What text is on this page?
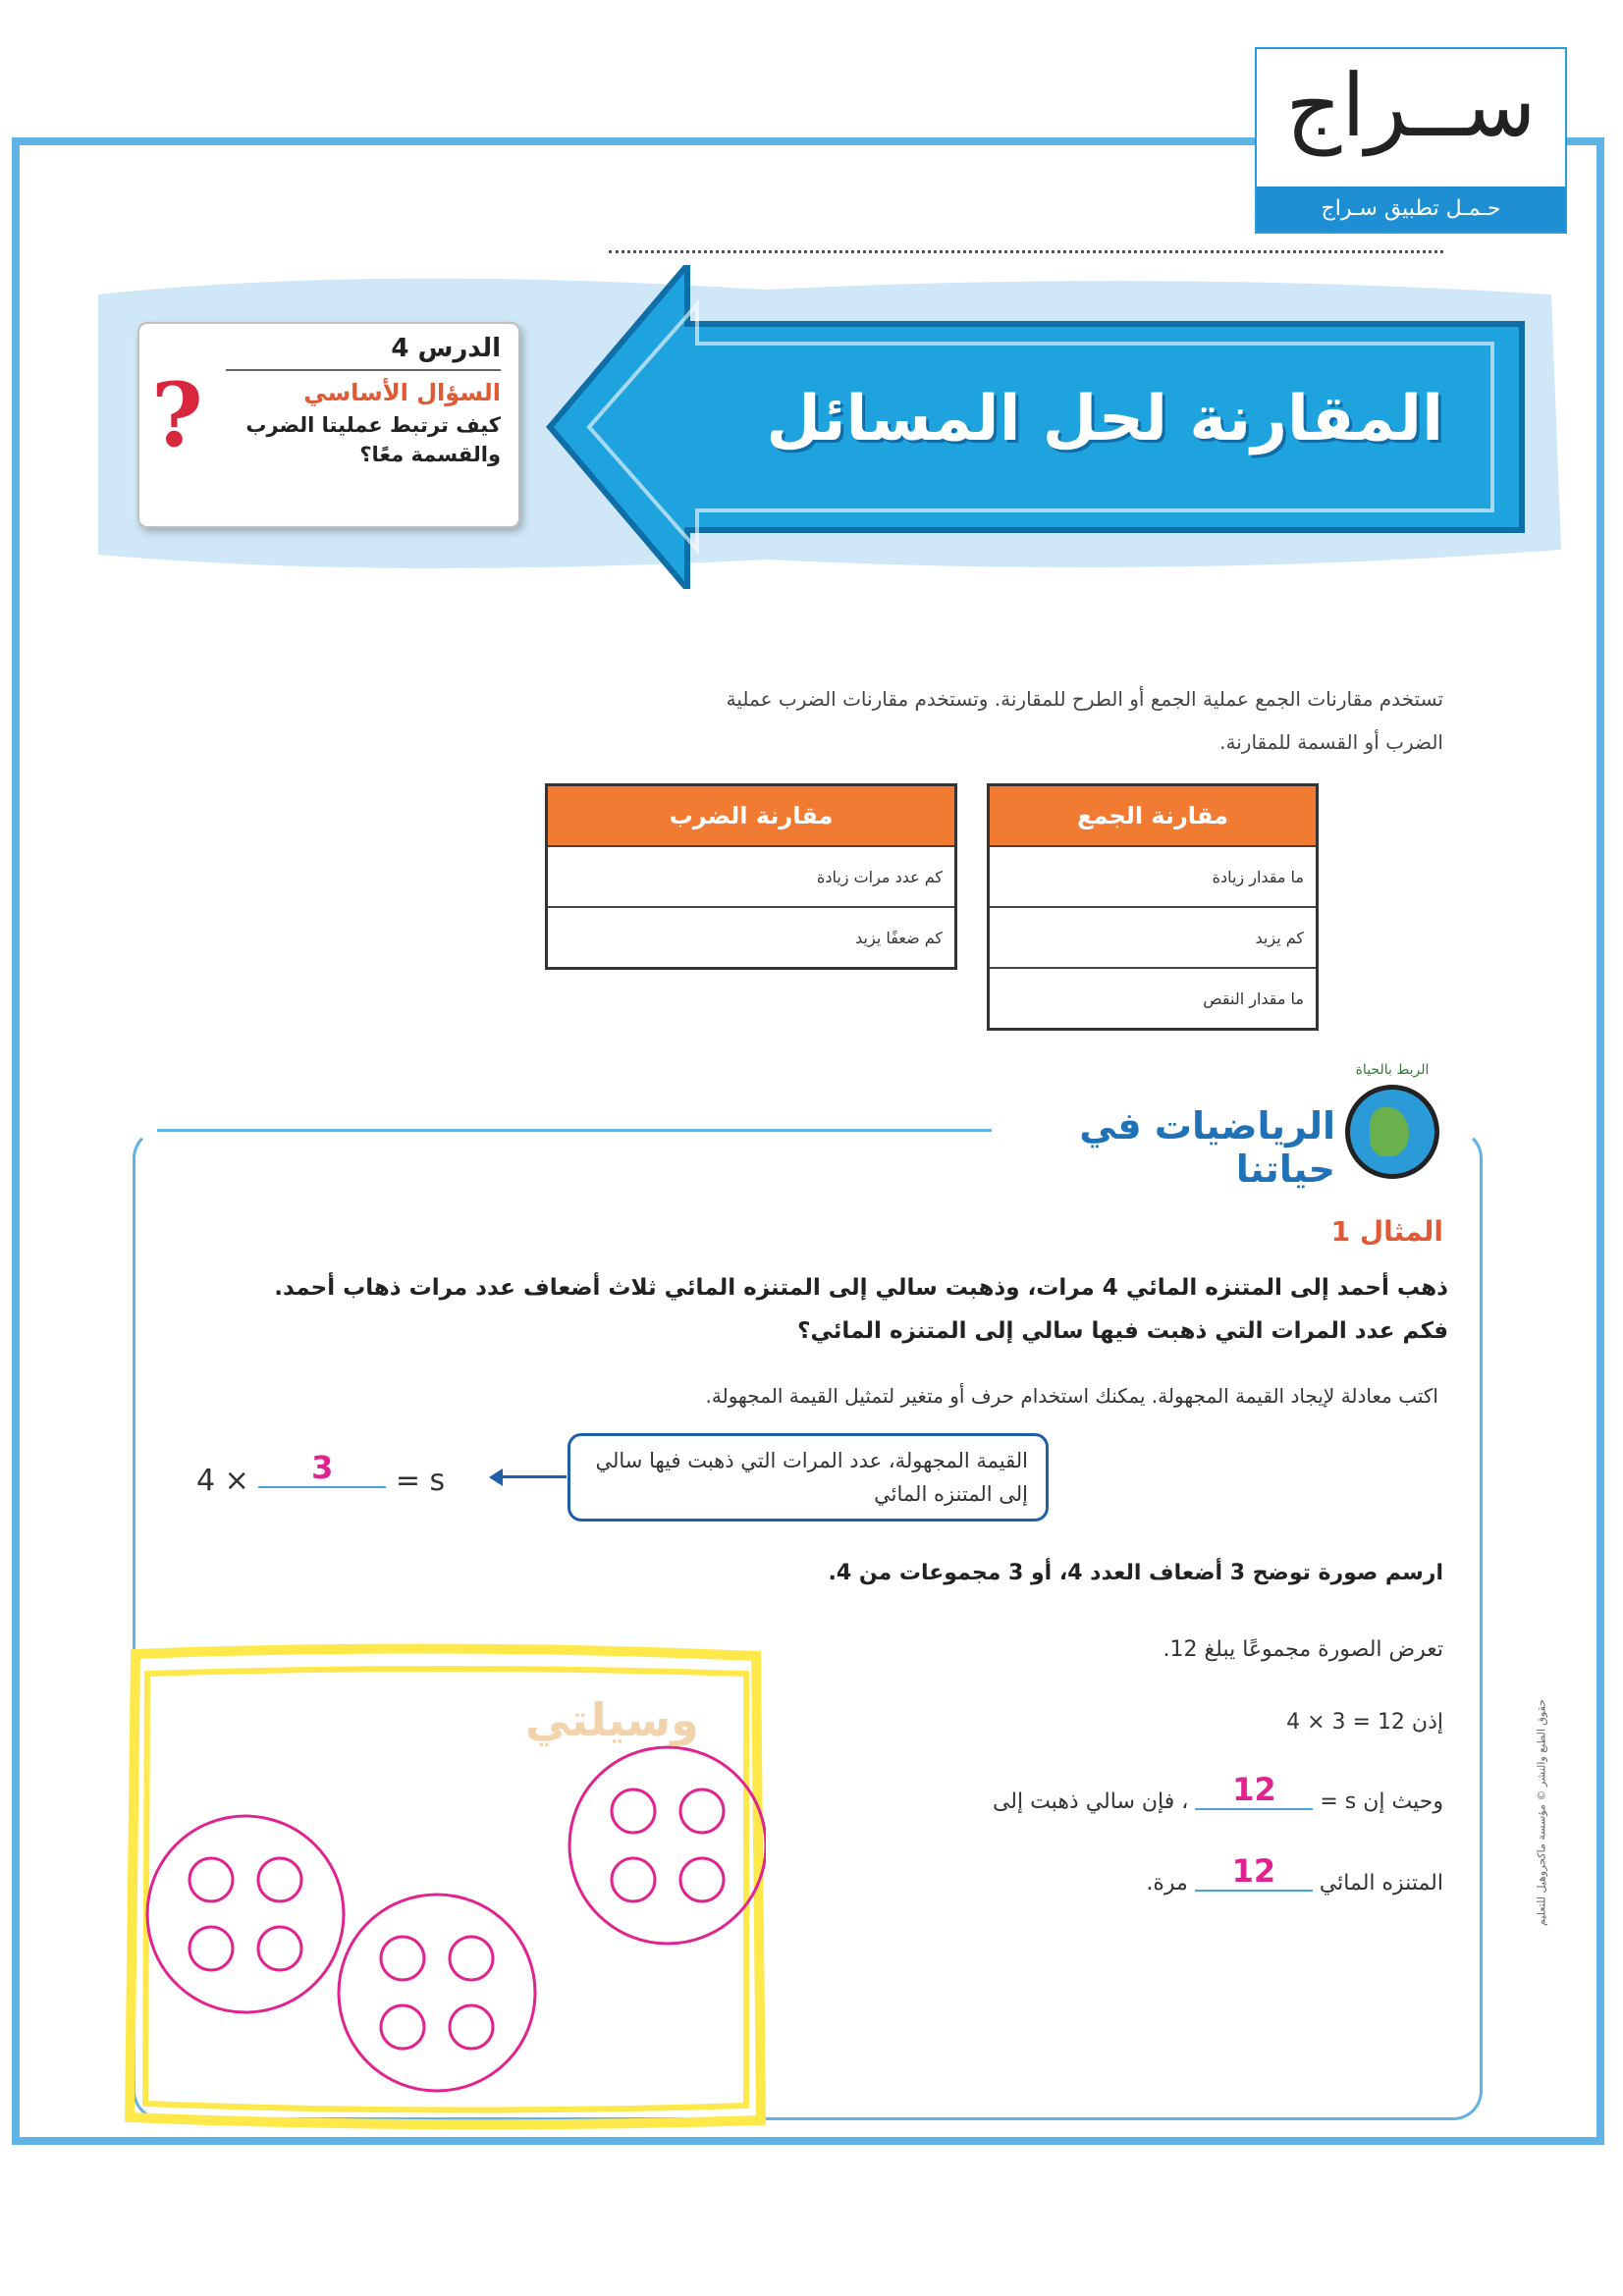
ســراج
حـمـل تطبيق سـراج
المقارنة لحل المسائل
الدرس 4
السؤال الأساسي
كيف ترتبط عمليتا الضرب والقسمة معًا؟
?
تستخدم مقارنات الجمع عملية الجمع أو الطرح للمقارنة. وتستخدم مقارنات الضرب عملية الضرب أو القسمة للمقارنة.
مقارنة الجمع
ما مقدار زيادة
كم يزيد
ما مقدار النقص
مقارنة الضرب
كم عدد مرات زيادة
كم ضعفًا يزيد
الرياضيات في حياتنا
الربط بالحياة
المثال 1
ذهب أحمد إلى المتنزه المائي 4 مرات، وذهبت سالي إلى المتنزه المائي ثلاث أضعاف عدد مرات ذهاب أحمد. فكم عدد المرات التي ذهبت فيها سالي إلى المتنزه المائي؟
اكتب معادلة لإيجاد القيمة المجهولة. يمكنك استخدام حرف أو متغير لتمثيل القيمة المجهولة.
القيمة المجهولة، عدد المرات التي ذهبت فيها سالي إلى المتنزه المائي
4 × 3 = s
ارسم صورة توضح 3 أضعاف العدد 4، أو 3 مجموعات من 4.
تعرض الصورة مجموعًا يبلغ 12.
إذن 12 = 3 × 4
وحيث إن s = 12 ، فإن سالي ذهبت إلى
المتنزه المائي 12 مرة.	حقوق الطبع والنشر © مؤسسة ماكجروهيل للتعليم
وسيلتي
